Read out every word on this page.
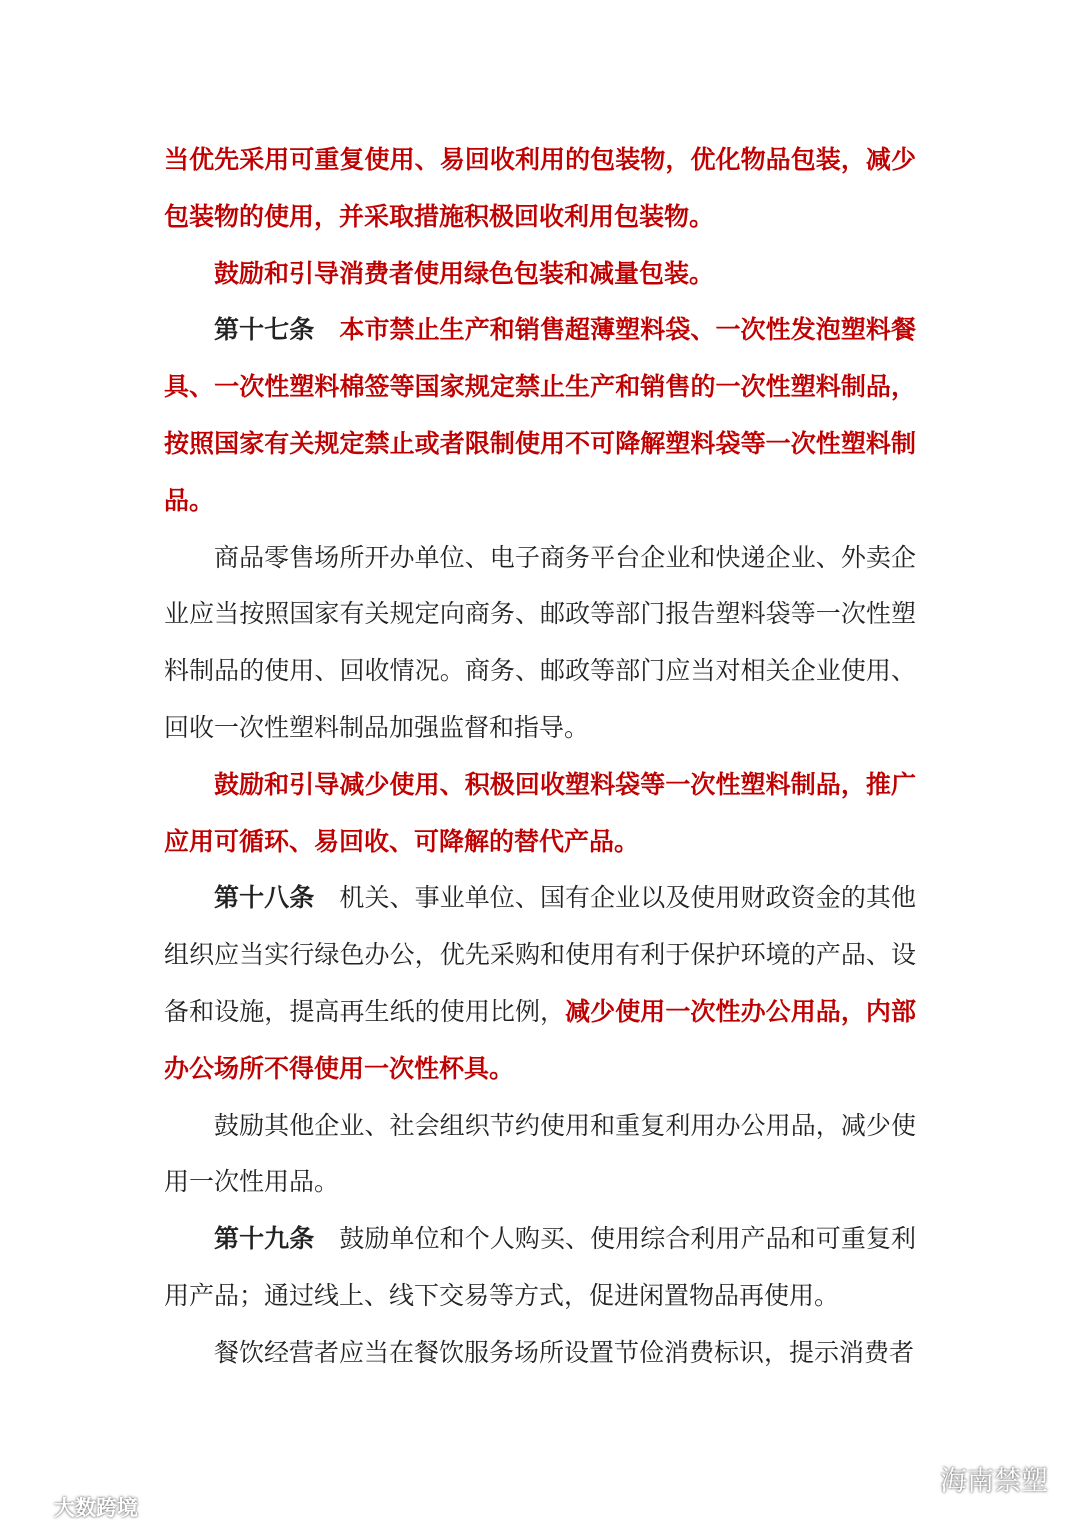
当优先采用可重复使用、易回收利用的包装物，优化物品包装，减少包装物的使用，并采取措施积极回收利用包装物。

鼓励和引导消费者使用绿色包装和减量包装。

第十七条  本市禁止生产和销售超薄塑料袋、一次性发泡塑料餐具、一次性塑料棉签等国家规定禁止生产和销售的一次性塑料制品，按照国家有关规定禁止或者限制使用不可降解塑料袋等一次性塑料制品。

商品零售场所开办单位、电子商务平台企业和快递企业、外卖企业应当按照国家有关规定向商务、邮政等部门报告塑料袋等一次性塑料制品的使用、回收情况。商务、邮政等部门应当对相关企业使用、回收一次性塑料制品加强监督和指导。

鼓励和引导减少使用、积极回收塑料袋等一次性塑料制品，推广应用可循环、易回收、可降解的替代产品。

第十八条  机关、事业单位、国有企业以及使用财政资金的其他组织应当实行绿色办公，优先采购和使用有利于保护环境的产品、设备和设施，提高再生纸的使用比例，减少使用一次性办公用品，内部办公场所不得使用一次性杯具。

鼓励其他企业、社会组织节约使用和重复利用办公用品，减少使用一次性用品。

第十九条  鼓励单位和个人购买、使用综合利用产品和可重复利用产品；通过线上、线下交易等方式，促进闲置物品再使用。

餐饮经营者应当在餐饮服务场所设置节俭消费标识，提示消费者

大数跨境
海南禁塑
